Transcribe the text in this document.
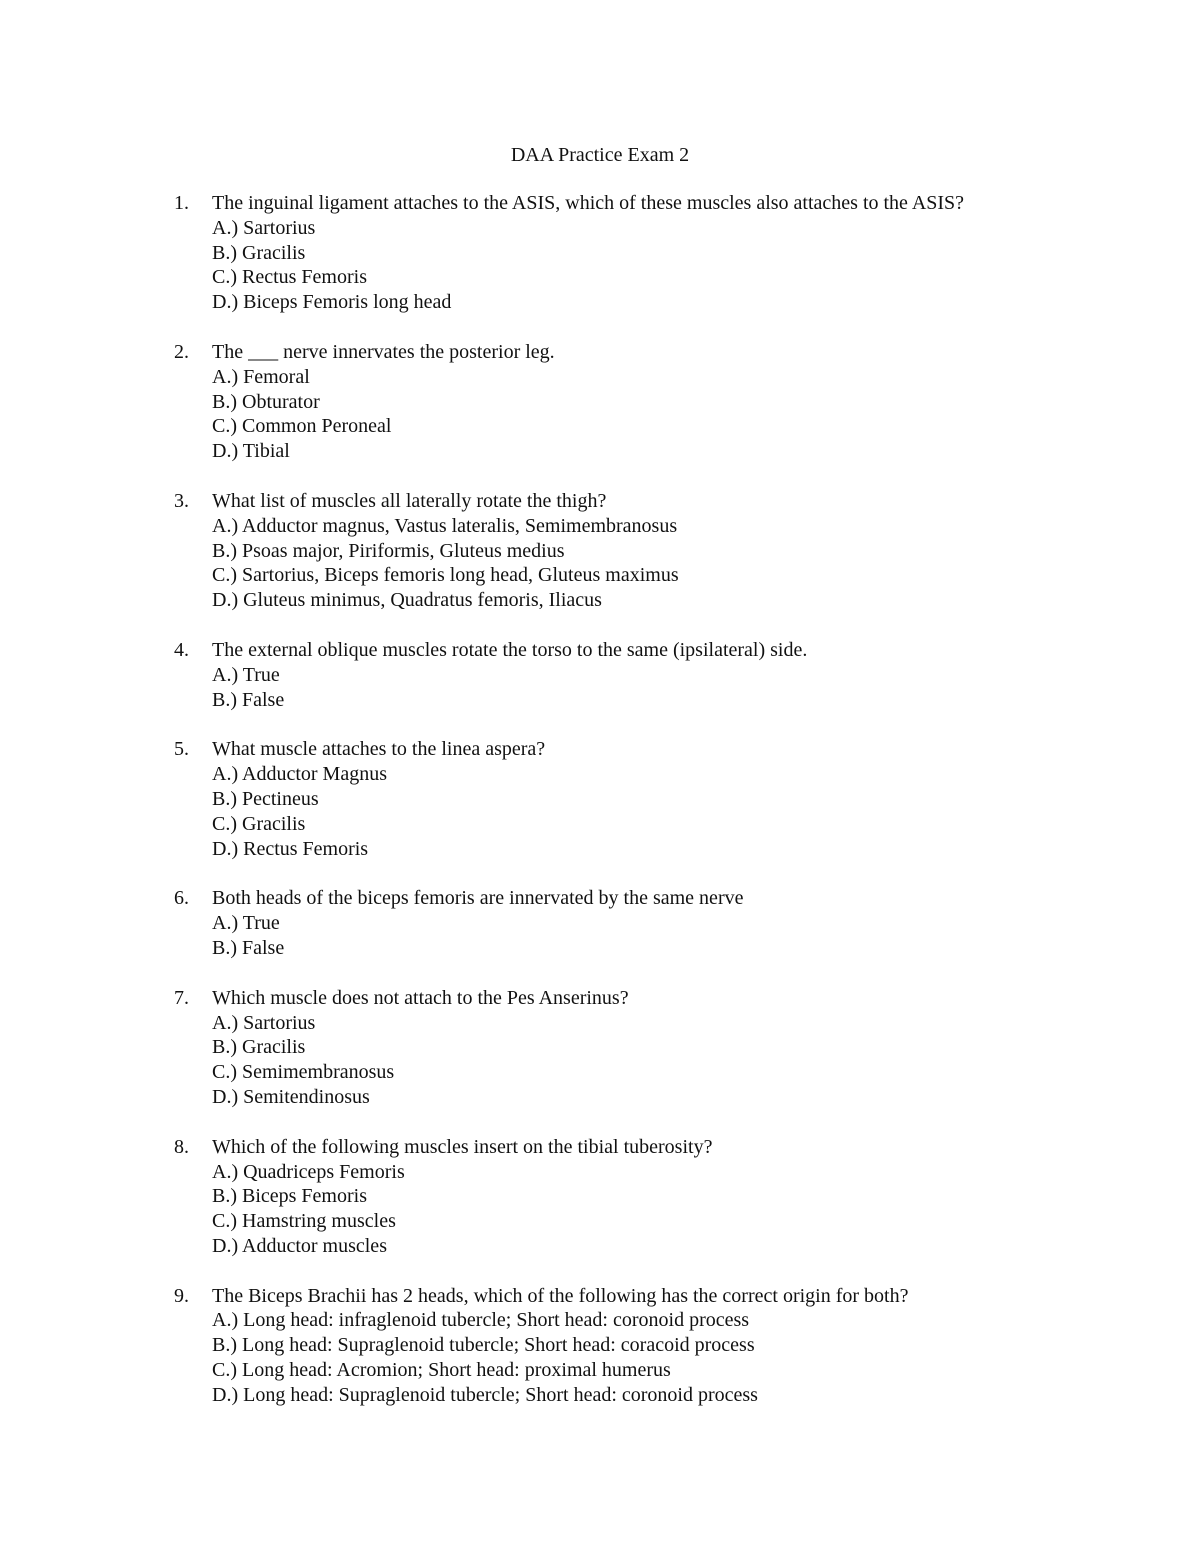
DAA Practice Exam 2
1.	The inguinal ligament attaches to the ASIS, which of these muscles also attaches to the ASIS?
A.) Sartorius
B.) Gracilis
C.) Rectus Femoris
D.) Biceps Femoris long head
2.	The ___ nerve innervates the posterior leg.
A.) Femoral
B.) Obturator
C.) Common Peroneal
D.) Tibial
3.	What list of muscles all laterally rotate the thigh?
A.) Adductor magnus, Vastus lateralis, Semimembranosus
B.) Psoas major, Piriformis, Gluteus medius
C.) Sartorius, Biceps femoris long head, Gluteus maximus
D.) Gluteus minimus, Quadratus femoris, Iliacus
4.	The external oblique muscles rotate the torso to the same (ipsilateral) side.
A.) True
B.) False
5.	What muscle attaches to the linea aspera?
A.) Adductor Magnus
B.) Pectineus
C.) Gracilis
D.) Rectus Femoris
6.	Both heads of the biceps femoris are innervated by the same nerve
A.) True
B.) False
7.	Which muscle does not attach to the Pes Anserinus?
A.) Sartorius
B.) Gracilis
C.) Semimembranosus
D.) Semitendinosus
8.	Which of the following muscles insert on the tibial tuberosity?
A.) Quadriceps Femoris
B.) Biceps Femoris
C.) Hamstring muscles
D.) Adductor muscles
9.	The Biceps Brachii has 2 heads, which of the following has the correct origin for both?
A.) Long head: infraglenoid tubercle; Short head: coronoid process
B.) Long head: Supraglenoid tubercle; Short head: coracoid process
C.) Long head: Acromion; Short head: proximal humerus
D.) Long head: Supraglenoid tubercle; Short head: coronoid process
